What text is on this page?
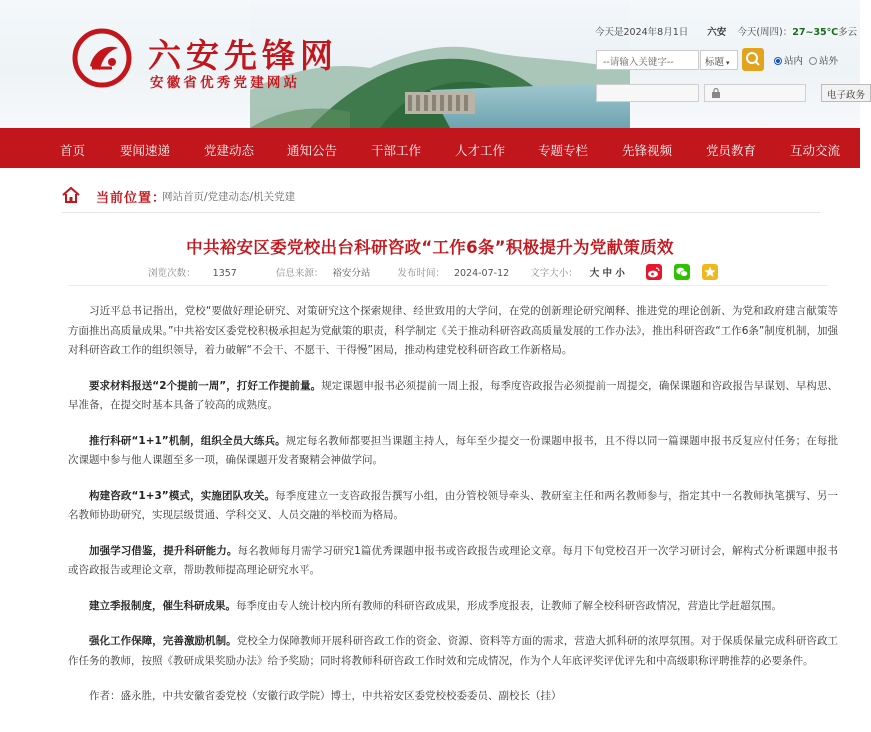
六安先锋网
安徽省优秀党建网站
今天是2024年8月1日 六安 今天(周四)：27~35℃多云
--请输入关键字--	标题 ▾	站内 站外
电子政务
首页	要闻速递	党建动态	通知公告	干部工作	人才工作	专题专栏	先锋视频	党员教育	互动交流
当前位置：
网站首页/党建动态/机关党建
中共裕安区委党校出台科研咨政“工作6条”积极提升为党献策质效
浏览次数： 1357	信息来源： 裕安分站	发布时间： 2024-07-12 文字大小： 大 中 小

习近平总书记指出，党校“要做好理论研究、对策研究这个探索规律、经世致用的大学问，在党的创新理论研究阐释、推进党的理论创新、为党和政府建言献策等方面推出高质量成果。”中共裕安区委党校积极承担起为党献策的职责，科学制定《关于推动科研咨政高质量发展的工作办法》，推出科研咨政“工作6条”制度机制，加强对科研咨政工作的组织领导，着力破解“不会干、不愿干、干得慢”困局，推动构建党校科研咨政工作新格局。

要求材料报送“2个提前一周”，打好工作提前量。规定课题申报书必须提前一周上报，每季度咨政报告必须提前一周提交，确保课题和咨政报告早谋划、早构思、早准备，在提交时基本具备了较高的成熟度。

推行科研“1+1”机制，组织全员大练兵。规定每名教师都要担当课题主持人，每年至少提交一份课题申报书，且不得以同一篇课题申报书反复应付任务；在每批次课题中参与他人课题至多一项，确保课题开发者聚精会神做学问。

构建咨政“1+3”模式，实施团队攻关。每季度建立一支咨政报告撰写小组，由分管校领导牵头、教研室主任和两名教师参与，指定其中一名教师执笔撰写、另一名教师协助研究，实现层级贯通、学科交叉、人员交融的举校而为格局。

加强学习借鉴，提升科研能力。每名教师每月需学习研究1篇优秀课题申报书或咨政报告或理论文章。每月下旬党校召开一次学习研讨会，解构式分析课题申报书或咨政报告或理论文章，帮助教师提高理论研究水平。

建立季报制度，催生科研成果。每季度由专人统计校内所有教师的科研咨政成果，形成季度报表，让教师了解全校科研咨政情况，营造比学赶超氛围。

强化工作保障，完善激励机制。党校全力保障教师开展科研咨政工作的资金、资源、资料等方面的需求，营造大抓科研的浓厚氛围。对于保质保量完成科研咨政工作任务的教师，按照《教研成果奖励办法》给予奖励；同时将教师科研咨政工作时效和完成情况，作为个人年底评奖评优评先和中高级职称评聘推荐的必要条件。

作者：盛永胜，中共安徽省委党校（安徽行政学院）博士，中共裕安区委党校校委委员、副校长（挂）
